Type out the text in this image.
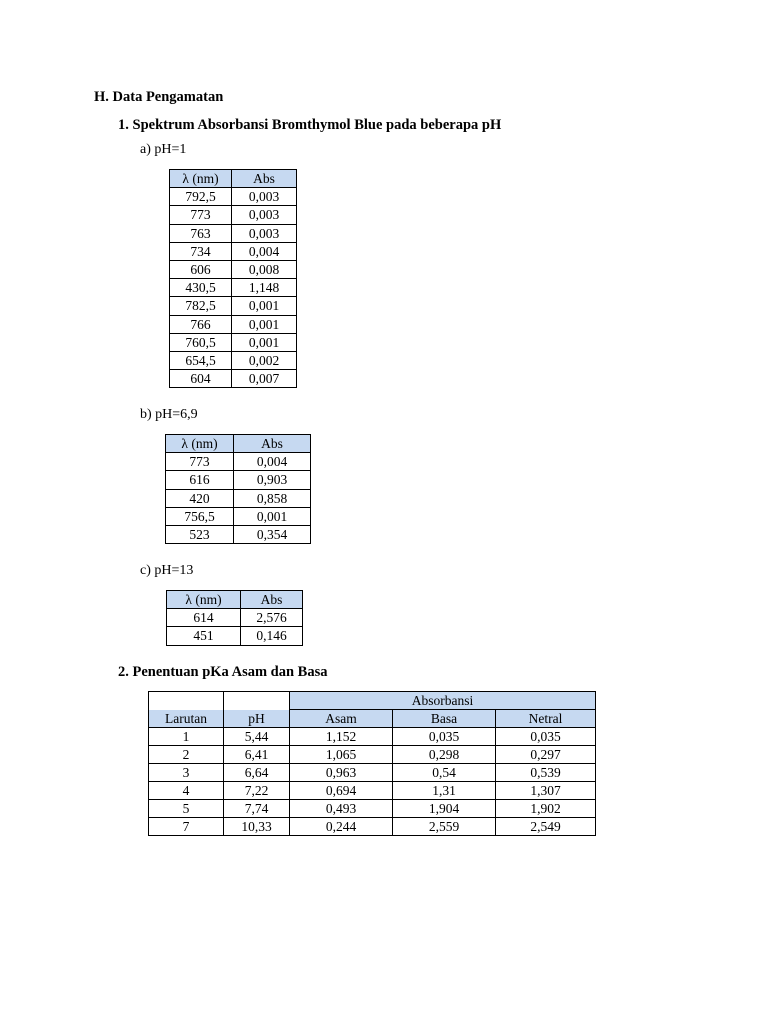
H. Data Pengamatan
1. Spektrum Absorbansi Bromthymol Blue pada beberapa pH
a) pH=1
λ (nm)	Abs
792,5	0,003
773	0,003
763	0,003
734	0,004
606	0,008
430,5	1,148
782,5	0,001
766	0,001
760,5	0,001
654,5	0,002
604	0,007
b) pH=6,9
λ (nm)	Abs
773	0,004
616	0,903
420	0,858
756,5	0,001
523	0,354
c) pH=13
λ (nm)	Abs
614	2,576
451	0,146
2. Penentuan pKa Asam dan Basa
		Absorbansi		
Larutan	pH	Asam	Basa	Netral
1	5,44	1,152	0,035	0,035
2	6,41	1,065	0,298	0,297
3	6,64	0,963	0,54	0,539
4	7,22	0,694	1,31	1,307
5	7,74	0,493	1,904	1,902
7	10,33	0,244	2,559	2,549
